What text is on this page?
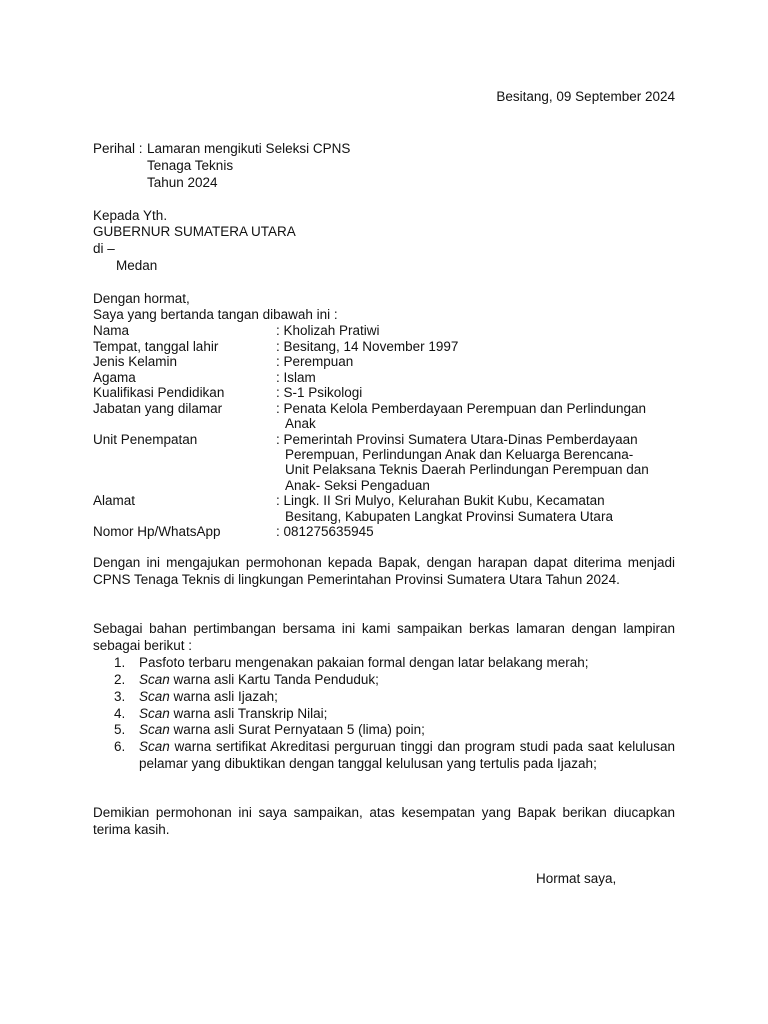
Besitang, 09 September 2024
Perihal : Lamaran mengikuti Seleksi CPNS
Tenaga Teknis
Tahun 2024
Kepada Yth.
GUBERNUR SUMATERA UTARA
di –
Medan
Dengan hormat,
Saya yang bertanda tangan dibawah ini :
Nama	: Kholizah Pratiwi
Tempat, tanggal lahir	: Besitang, 14 November 1997
Jenis Kelamin	: Perempuan
Agama	: Islam
Kualifikasi Pendidikan	: S-1 Psikologi
Jabatan yang dilamar	: Penata Kelola Pemberdayaan Perempuan dan Perlindungan
Anak
Unit Penempatan	: Pemerintah Provinsi Sumatera Utara-Dinas Pemberdayaan
Perempuan, Perlindungan Anak dan Keluarga Berencana-
Unit Pelaksana Teknis Daerah Perlindungan Perempuan dan
Anak- Seksi Pengaduan
Alamat	: Lingk. II Sri Mulyo, Kelurahan Bukit Kubu, Kecamatan
Besitang, Kabupaten Langkat Provinsi Sumatera Utara
Nomor Hp/WhatsApp	: 081275635945
Dengan ini mengajukan permohonan kepada Bapak, dengan harapan dapat diterima menjadi CPNS Tenaga Teknis di lingkungan Pemerintahan Provinsi Sumatera Utara Tahun 2024.
Sebagai bahan pertimbangan bersama ini kami sampaikan berkas lamaran dengan lampiran sebagai berikut :
1.	Pasfoto terbaru mengenakan pakaian formal dengan latar belakang merah;
2.	Scan warna asli Kartu Tanda Penduduk;
3.	Scan warna asli Ijazah;
4.	Scan warna asli Transkrip Nilai;
5.	Scan warna asli Surat Pernyataan 5 (lima) poin;
6.	Scan warna sertifikat Akreditasi perguruan tinggi dan program studi pada saat kelulusan pelamar yang dibuktikan dengan tanggal kelulusan yang tertulis pada Ijazah;
Demikian permohonan ini saya sampaikan, atas kesempatan yang Bapak berikan diucapkan terima kasih.
Hormat saya,
